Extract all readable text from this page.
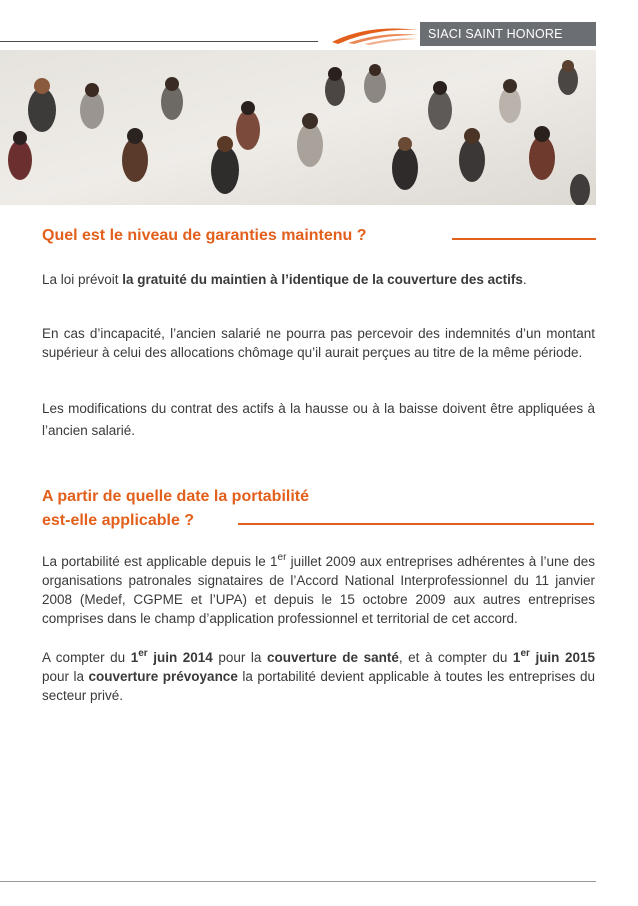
SIACI SAINT HONORE
Quel est le niveau de garanties maintenu ?

La loi prévoit la gratuité du maintien à l’identique de la couverture des actifs.

En cas d’incapacité, l’ancien salarié ne pourra pas percevoir des indemnités d’un montant supérieur à celui des allocations chômage qu’il aurait perçues au titre de la même période.

Les modifications du contrat des actifs à la hausse ou à la baisse doivent être appliquées à l’ancien salarié.

A partir de quelle date la portabilité
est-elle applicable ?

La portabilité est applicable depuis le 1er juillet 2009 aux entreprises adhérentes à l’une des organisations patronales signataires de l’Accord National Interprofessionnel du 11 janvier 2008 (Medef, CGPME et l’UPA) et depuis le 15 octobre 2009 aux autres entreprises comprises dans le champ d’application professionnel et territorial de cet accord.

A compter du 1er juin 2014 pour la couverture de santé, et à compter du 1er juin 2015 pour la couverture prévoyance la portabilité devient applicable à toutes les entreprises du secteur privé.
